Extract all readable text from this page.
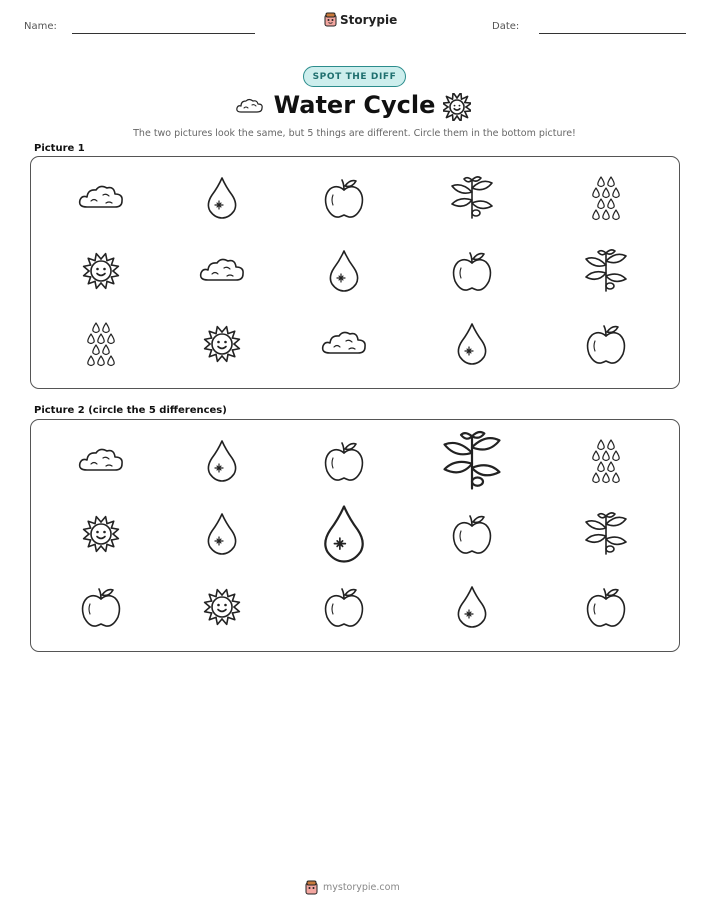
Name:	Storypie	Date:
SPOT THE DIFF
Water Cycle
The two pictures look the same, but 5 things are different. Circle them in the bottom picture!
Picture 1
Picture 2 (circle the 5 differences)
mystorypie.com
